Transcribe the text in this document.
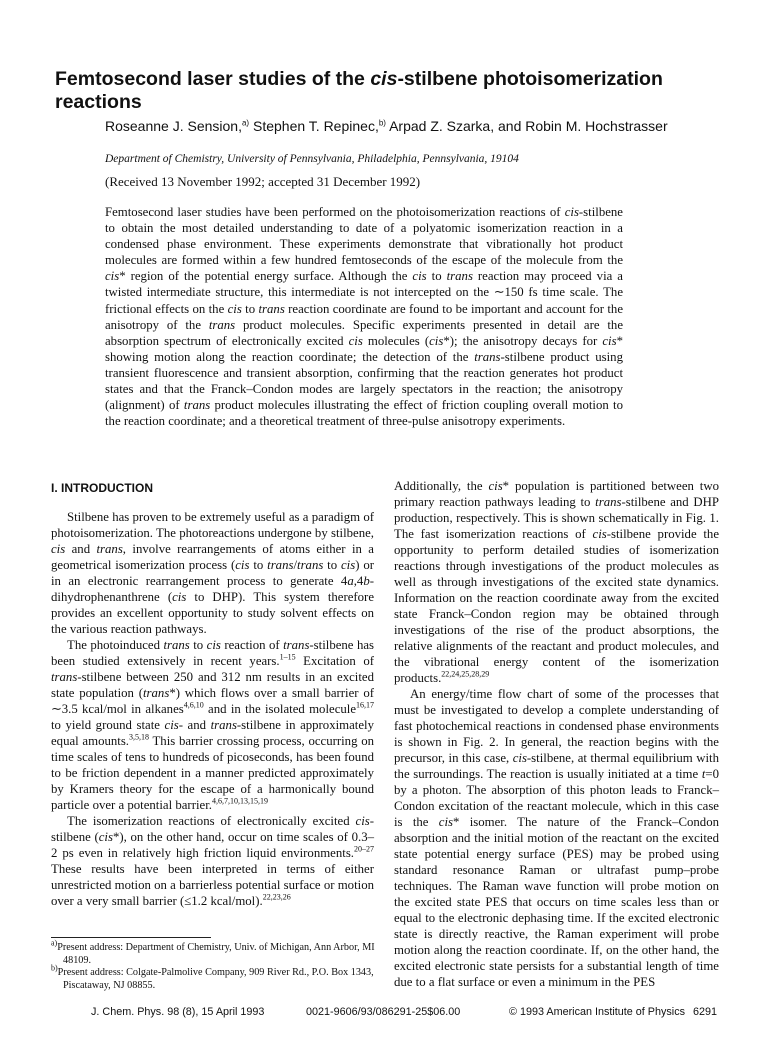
Femtosecond laser studies of the cis-stilbene photoisomerization reactions
Roseanne J. Sension,$^{a)}$ Stephen T. Repinec,$^{b)}$ Arpad Z. Szarka, and Robin M. Hochstrasser
Department of Chemistry, University of Pennsylvania, Philadelphia, Pennsylvania, 19104
(Received 13 November 1992; accepted 31 December 1992)
Femtosecond laser studies have been performed on the photoisomerization reactions of cis-stilbene to obtain the most detailed understanding to date of a polyatomic isomerization reaction in a condensed phase environment. These experiments demonstrate that vibrationally hot product molecules are formed within a few hundred femtoseconds of the escape of the molecule from the cis* region of the potential energy surface. Although the cis to trans reaction may proceed via a twisted intermediate structure, this intermediate is not intercepted on the ∼150 fs time scale. The frictional effects on the cis to trans reaction coordinate are found to be important and account for the anisotropy of the trans product molecules. Specific experiments presented in detail are the absorption spectrum of electronically excited cis molecules (cis*); the anisotropy decays for cis* showing motion along the reaction coordinate; the detection of the trans-stilbene product using transient fluorescence and transient absorption, confirming that the reaction generates hot product states and that the Franck–Condon modes are largely spectators in the reaction; the anisotropy (alignment) of trans product molecules illustrating the effect of friction coupling overall motion to the reaction coordinate; and a theoretical treatment of three-pulse anisotropy experiments.
I. INTRODUCTION

Stilbene has proven to be extremely useful as a paradigm of photoisomerization. The photoreactions undergone by stilbene, cis and trans, involve rearrangements of atoms either in a geometrical isomerization process (cis to trans/trans to cis) or in an electronic rearrangement process to generate 4a,4b-dihydrophenanthrene (cis to DHP). This system therefore provides an excellent opportunity to study solvent effects on the various reaction pathways.

The photoinduced trans to cis reaction of trans-stilbene has been studied extensively in recent years.$^{1-15}$ Excitation of trans-stilbene between 250 and 312 nm results in an excited state population (trans*) which flows over a small barrier of ∼3.5 kcal/mol in alkanes$^{4,6,10}$ and in the isolated molecule$^{16,17}$ to yield ground state cis- and trans-stilbene in approximately equal amounts.$^{3,5,18}$ This barrier crossing process, occurring on time scales of tens to hundreds of picoseconds, has been found to be friction dependent in a manner predicted approximately by Kramers theory for the escape of a harmonically bound particle over a potential barrier.$^{4,6,7,10,13,15,19}$

The isomerization reactions of electronically excited cis-stilbene (cis*), on the other hand, occur on time scales of 0.3–2 ps even in relatively high friction liquid environments.$^{20-27}$ These results have been interpreted in terms of either unrestricted motion on a barrierless potential surface or motion over a very small barrier (≤1.2 kcal/mol).$^{22,23,26}$

$^{a)}$Present address: Department of Chemistry, Univ. of Michigan, Ann Arbor, MI 48109.
$^{b)}$Present address: Colgate-Palmolive Company, 909 River Rd., P.O. Box 1343, Piscataway, NJ 08855.

Additionally, the cis* population is partitioned between two primary reaction pathways leading to trans-stilbene and DHP production, respectively. This is shown schematically in Fig. 1. The fast isomerization reactions of cis-stilbene provide the opportunity to perform detailed studies of isomerization reactions through investigations of the product molecules as well as through investigations of the excited state dynamics. Information on the reaction coordinate away from the excited state Franck–Condon region may be obtained through investigations of the rise of the product absorptions, the relative alignments of the reactant and product molecules, and the vibrational energy content of the isomerization products.$^{22,24,25,28,29}$

An energy/time flow chart of some of the processes that must be investigated to develop a complete understanding of fast photochemical reactions in condensed phase environments is shown in Fig. 2. In general, the reaction begins with the precursor, in this case, cis-stilbene, at thermal equilibrium with the surroundings. The reaction is usually initiated at a time t=0 by a photon. The absorption of this photon leads to Franck–Condon excitation of the reactant molecule, which in this case is the cis* isomer. The nature of the Franck–Condon absorption and the initial motion of the reactant on the excited state potential energy surface (PES) may be probed using standard resonance Raman or ultrafast pump–probe techniques. The Raman wave function will probe motion on the excited state PES that occurs on time scales less than or equal to the electronic dephasing time. If the excited electronic state is directly reactive, the Raman experiment will probe motion along the reaction coordinate. If, on the other hand, the excited electronic state persists for a substantial length of time due to a flat surface or even a minimum in the PES

J. Chem. Phys. 98 (8), 15 April 1993	0021-9606/93/086291-25$06.00	© 1993 American Institute of Physics 6291
